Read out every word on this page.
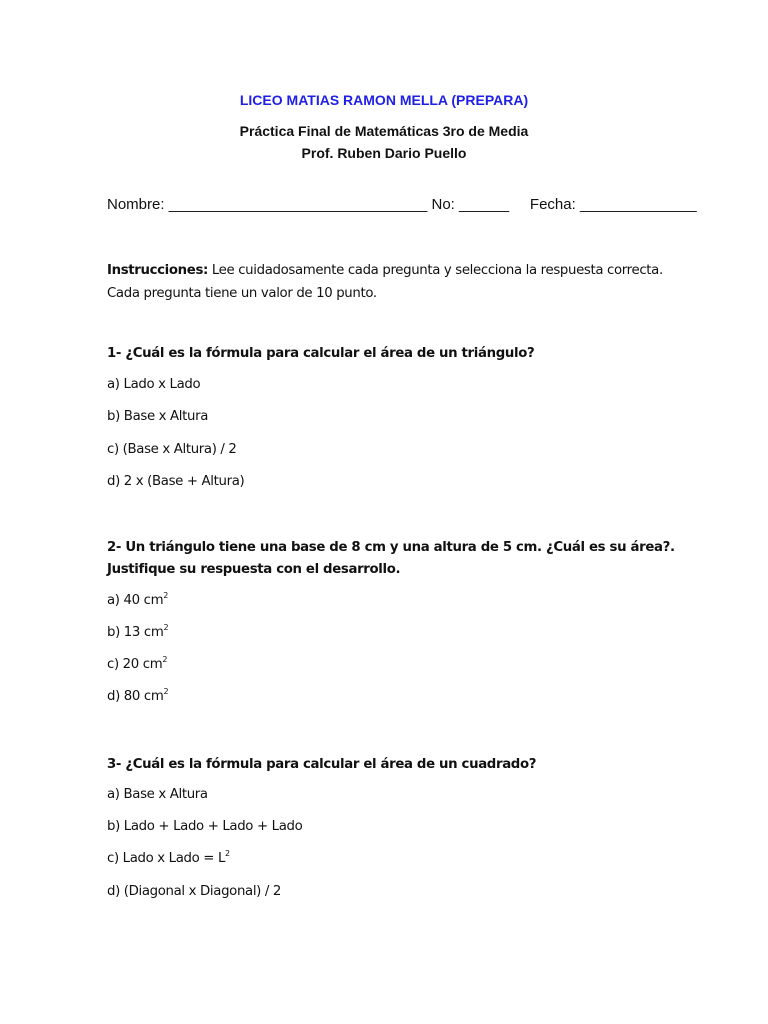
LICEO MATIAS RAMON MELLA (PREPARA)

Práctica Final de Matemáticas 3ro de Media

Prof. Ruben Dario Puello

Nombre: _______________________________ No: ______ Fecha: ______________
Instrucciones: Lee cuidadosamente cada pregunta y selecciona la respuesta correcta.
Cada pregunta tiene un valor de 10 punto.
1- ¿Cuál es la fórmula para calcular el área de un triángulo?
a) Lado x Lado
b) Base x Altura
c) (Base x Altura) / 2
d) 2 x (Base + Altura)
2- Un triángulo tiene una base de 8 cm y una altura de 5 cm. ¿Cuál es su área?.
Justifique su respuesta con el desarrollo.
a) 40 $cm^2$
b) 13 $cm^2$
c) 20 $cm^2$
d) 80 $cm^2$
3- ¿Cuál es la fórmula para calcular el área de un cuadrado?
a) Base x Altura
b) Lado + Lado + Lado + Lado
c) Lado x Lado = $L^2$
d) (Diagonal x Diagonal) / 2
